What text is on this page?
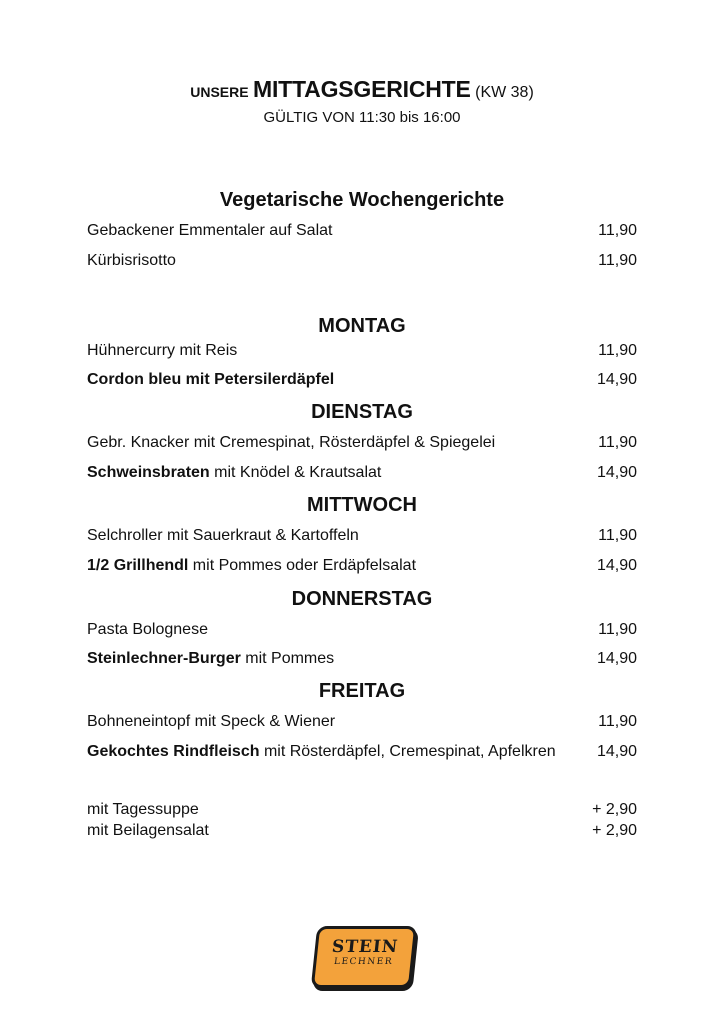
UNSERE MITTAGSGERICHTE (KW 38)
GÜLTIG VON 11:30 bis 16:00
Vegetarische Wochengerichte
Gebackener Emmentaler auf Salat	11,90
Kürbisrisotto	11,90
MONTAG
Hühnercurry mit Reis	11,90
Cordon bleu mit Petersilerdäpfel	14,90
DIENSTAG
Gebr. Knacker mit Cremespinat, Rösterdäpfel & Spiegelei	11,90
Schweinsbraten mit Knödel & Krautsalat	14,90
MITTWOCH
Selchroller mit Sauerkraut & Kartoffeln	11,90
1/2 Grillhendl mit Pommes oder Erdäpfelsalat	14,90
DONNERSTAG
Pasta Bolognese	11,90
Steinlechner-Burger mit Pommes	14,90
FREITAG
Bohneneintopf mit Speck & Wiener	11,90
Gekochtes Rindfleisch mit Rösterdäpfel, Cremespinat, Apfelkren	14,90
mit Tagessuppe	+ 2,90
mit Beilagensalat	+ 2,90
STEIN
LECHNER
